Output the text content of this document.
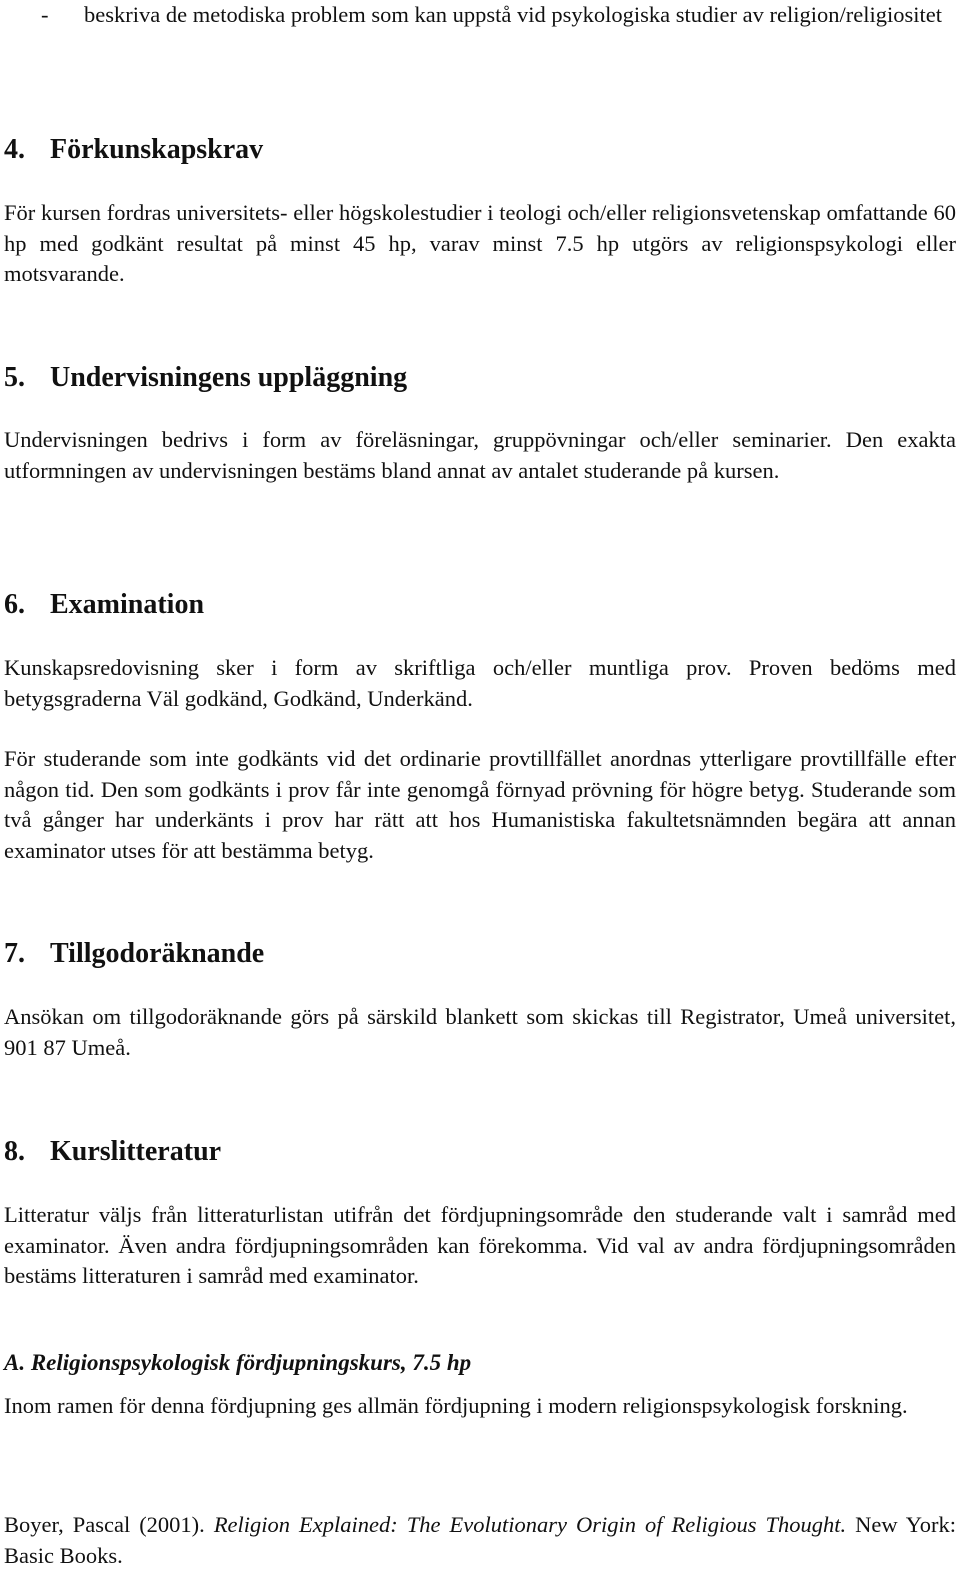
- beskriva de metodiska problem som kan uppstå vid psykologiska studier av religion/religiositet
4. Förkunskapskrav
För kursen fordras universitets- eller högskolestudier i teologi och/eller religionsvetenskap omfattande 60 hp med godkänt resultat på minst 45 hp, varav minst 7.5 hp utgörs av religionspsykologi eller motsvarande.
5. Undervisningens uppläggning
Undervisningen bedrivs i form av föreläsningar, gruppövningar och/eller seminarier. Den exakta utformningen av undervisningen bestäms bland annat av antalet studerande på kursen.
6. Examination
Kunskapsredovisning sker i form av skriftliga och/eller muntliga prov. Proven bedöms med betygsgraderna Väl godkänd, Godkänd, Underkänd.
För studerande som inte godkänts vid det ordinarie provtillfället anordnas ytterligare provtillfälle efter någon tid. Den som godkänts i prov får inte genomgå förnyad prövning för högre betyg. Studerande som två gånger har underkänts i prov har rätt att hos Humanistiska fakultetsnämnden begära att annan examinator utses för att bestämma betyg.
7. Tillgodoräknande
Ansökan om tillgodoräknande görs på särskild blankett som skickas till Registrator, Umeå universitet, 901 87 Umeå.
8. Kurslitteratur
Litteratur väljs från litteraturlistan utifrån det fördjupningsområde den studerande valt i samråd med examinator. Även andra fördjupningsområden kan förekomma. Vid val av andra fördjupningsområden bestäms litteraturen i samråd med examinator.
A. Religionspsykologisk fördjupningskurs, 7.5 hp
Inom ramen för denna fördjupning ges allmän fördjupning i modern religionspsykologisk forskning.
Boyer, Pascal (2001). Religion Explained: The Evolutionary Origin of Religious Thought. New York: Basic Books.
